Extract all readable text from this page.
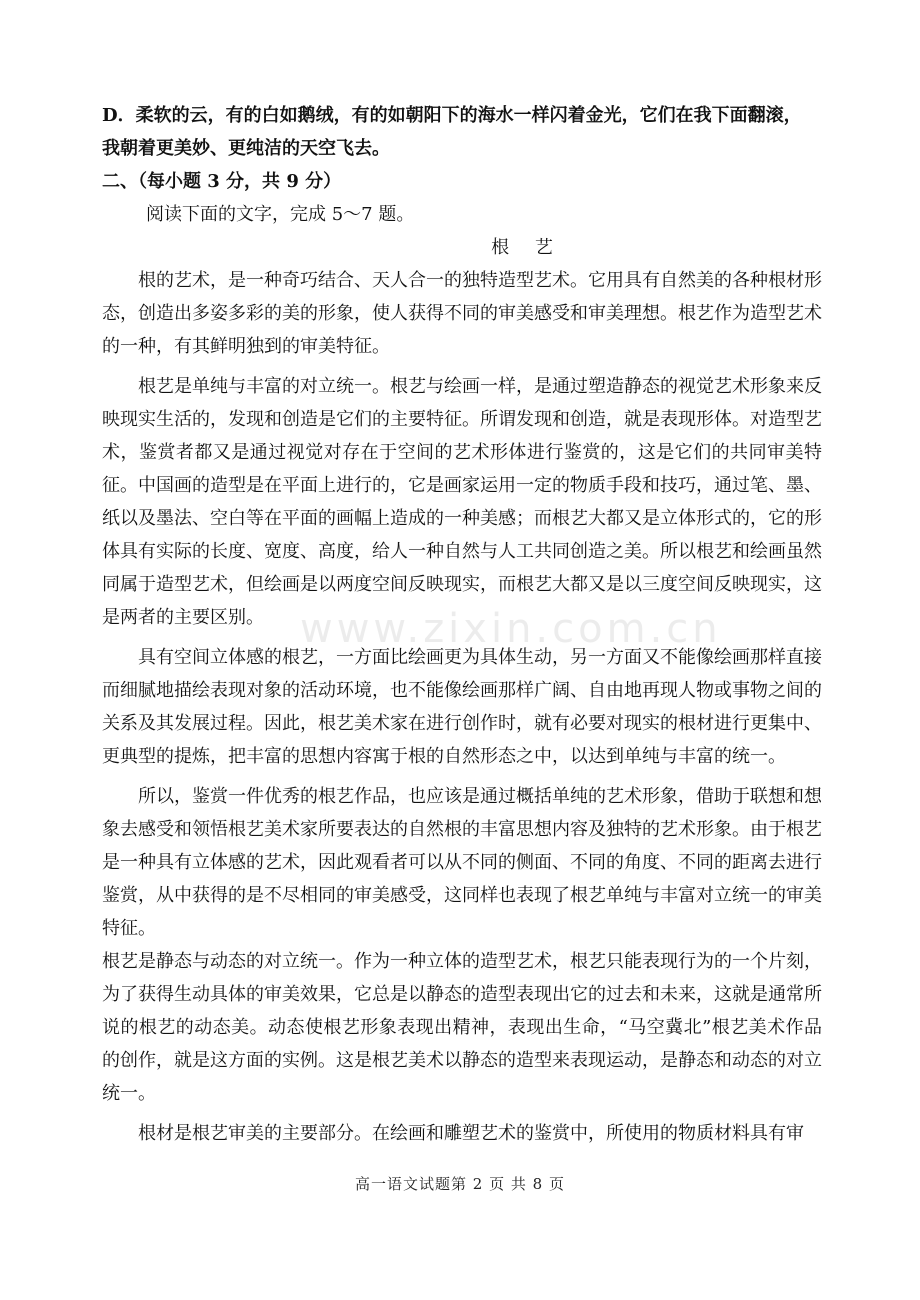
www.zixin.com.cn

D．柔软的云，有的白如鹅绒，有的如朝阳下的海水一样闪着金光，它们在我下面翻滚，

我朝着更美妙、更纯洁的天空飞去。

二、（每小题 3 分，共 9 分）

阅读下面的文字，完成 5～7 题。

根 艺

根的艺术，是一种奇巧结合、天人合一的独特造型艺术。它用具有自然美的各种根材形态，创造出多姿多彩的美的形象，使人获得不同的审美感受和审美理想。根艺作为造型艺术的一种，有其鲜明独到的审美特征。

根艺是单纯与丰富的对立统一。根艺与绘画一样，是通过塑造静态的视觉艺术形象来反映现实生活的，发现和创造是它们的主要特征。所谓发现和创造，就是表现形体。对造型艺术，鉴赏者都又是通过视觉对存在于空间的艺术形体进行鉴赏的，这是它们的共同审美特征。中国画的造型是在平面上进行的，它是画家运用一定的物质手段和技巧，通过笔、墨、纸以及墨法、空白等在平面的画幅上造成的一种美感；而根艺大都又是立体形式的，它的形体具有实际的长度、宽度、高度，给人一种自然与人工共同创造之美。所以根艺和绘画虽然同属于造型艺术，但绘画是以两度空间反映现实，而根艺大都又是以三度空间反映现实，这是两者的主要区别。

具有空间立体感的根艺，一方面比绘画更为具体生动，另一方面又不能像绘画那样直接而细腻地描绘表现对象的活动环境，也不能像绘画那样广阔、自由地再现人物或事物之间的关系及其发展过程。因此，根艺美术家在进行创作时，就有必要对现实的根材进行更集中、更典型的提炼，把丰富的思想内容寓于根的自然形态之中，以达到单纯与丰富的统一。

所以，鉴赏一件优秀的根艺作品，也应该是通过概括单纯的艺术形象，借助于联想和想象去感受和领悟根艺美术家所要表达的自然根的丰富思想内容及独特的艺术形象。由于根艺是一种具有立体感的艺术，因此观看者可以从不同的侧面、不同的角度、不同的距离去进行鉴赏，从中获得的是不尽相同的审美感受，这同样也表现了根艺单纯与丰富对立统一的审美特征。

根艺是静态与动态的对立统一。作为一种立体的造型艺术，根艺只能表现行为的一个片刻，为了获得生动具体的审美效果，它总是以静态的造型表现出它的过去和未来，这就是通常所说的根艺的动态美。动态使根艺形象表现出精神，表现出生命，“马空冀北”根艺美术作品的创作，就是这方面的实例。这是根艺美术以静态的造型来表现运动，是静态和动态的对立统一。

根材是根艺审美的主要部分。在绘画和雕塑艺术的鉴赏中，所使用的物质材料具有审

高一语文试题第 2 页 共 8 页
